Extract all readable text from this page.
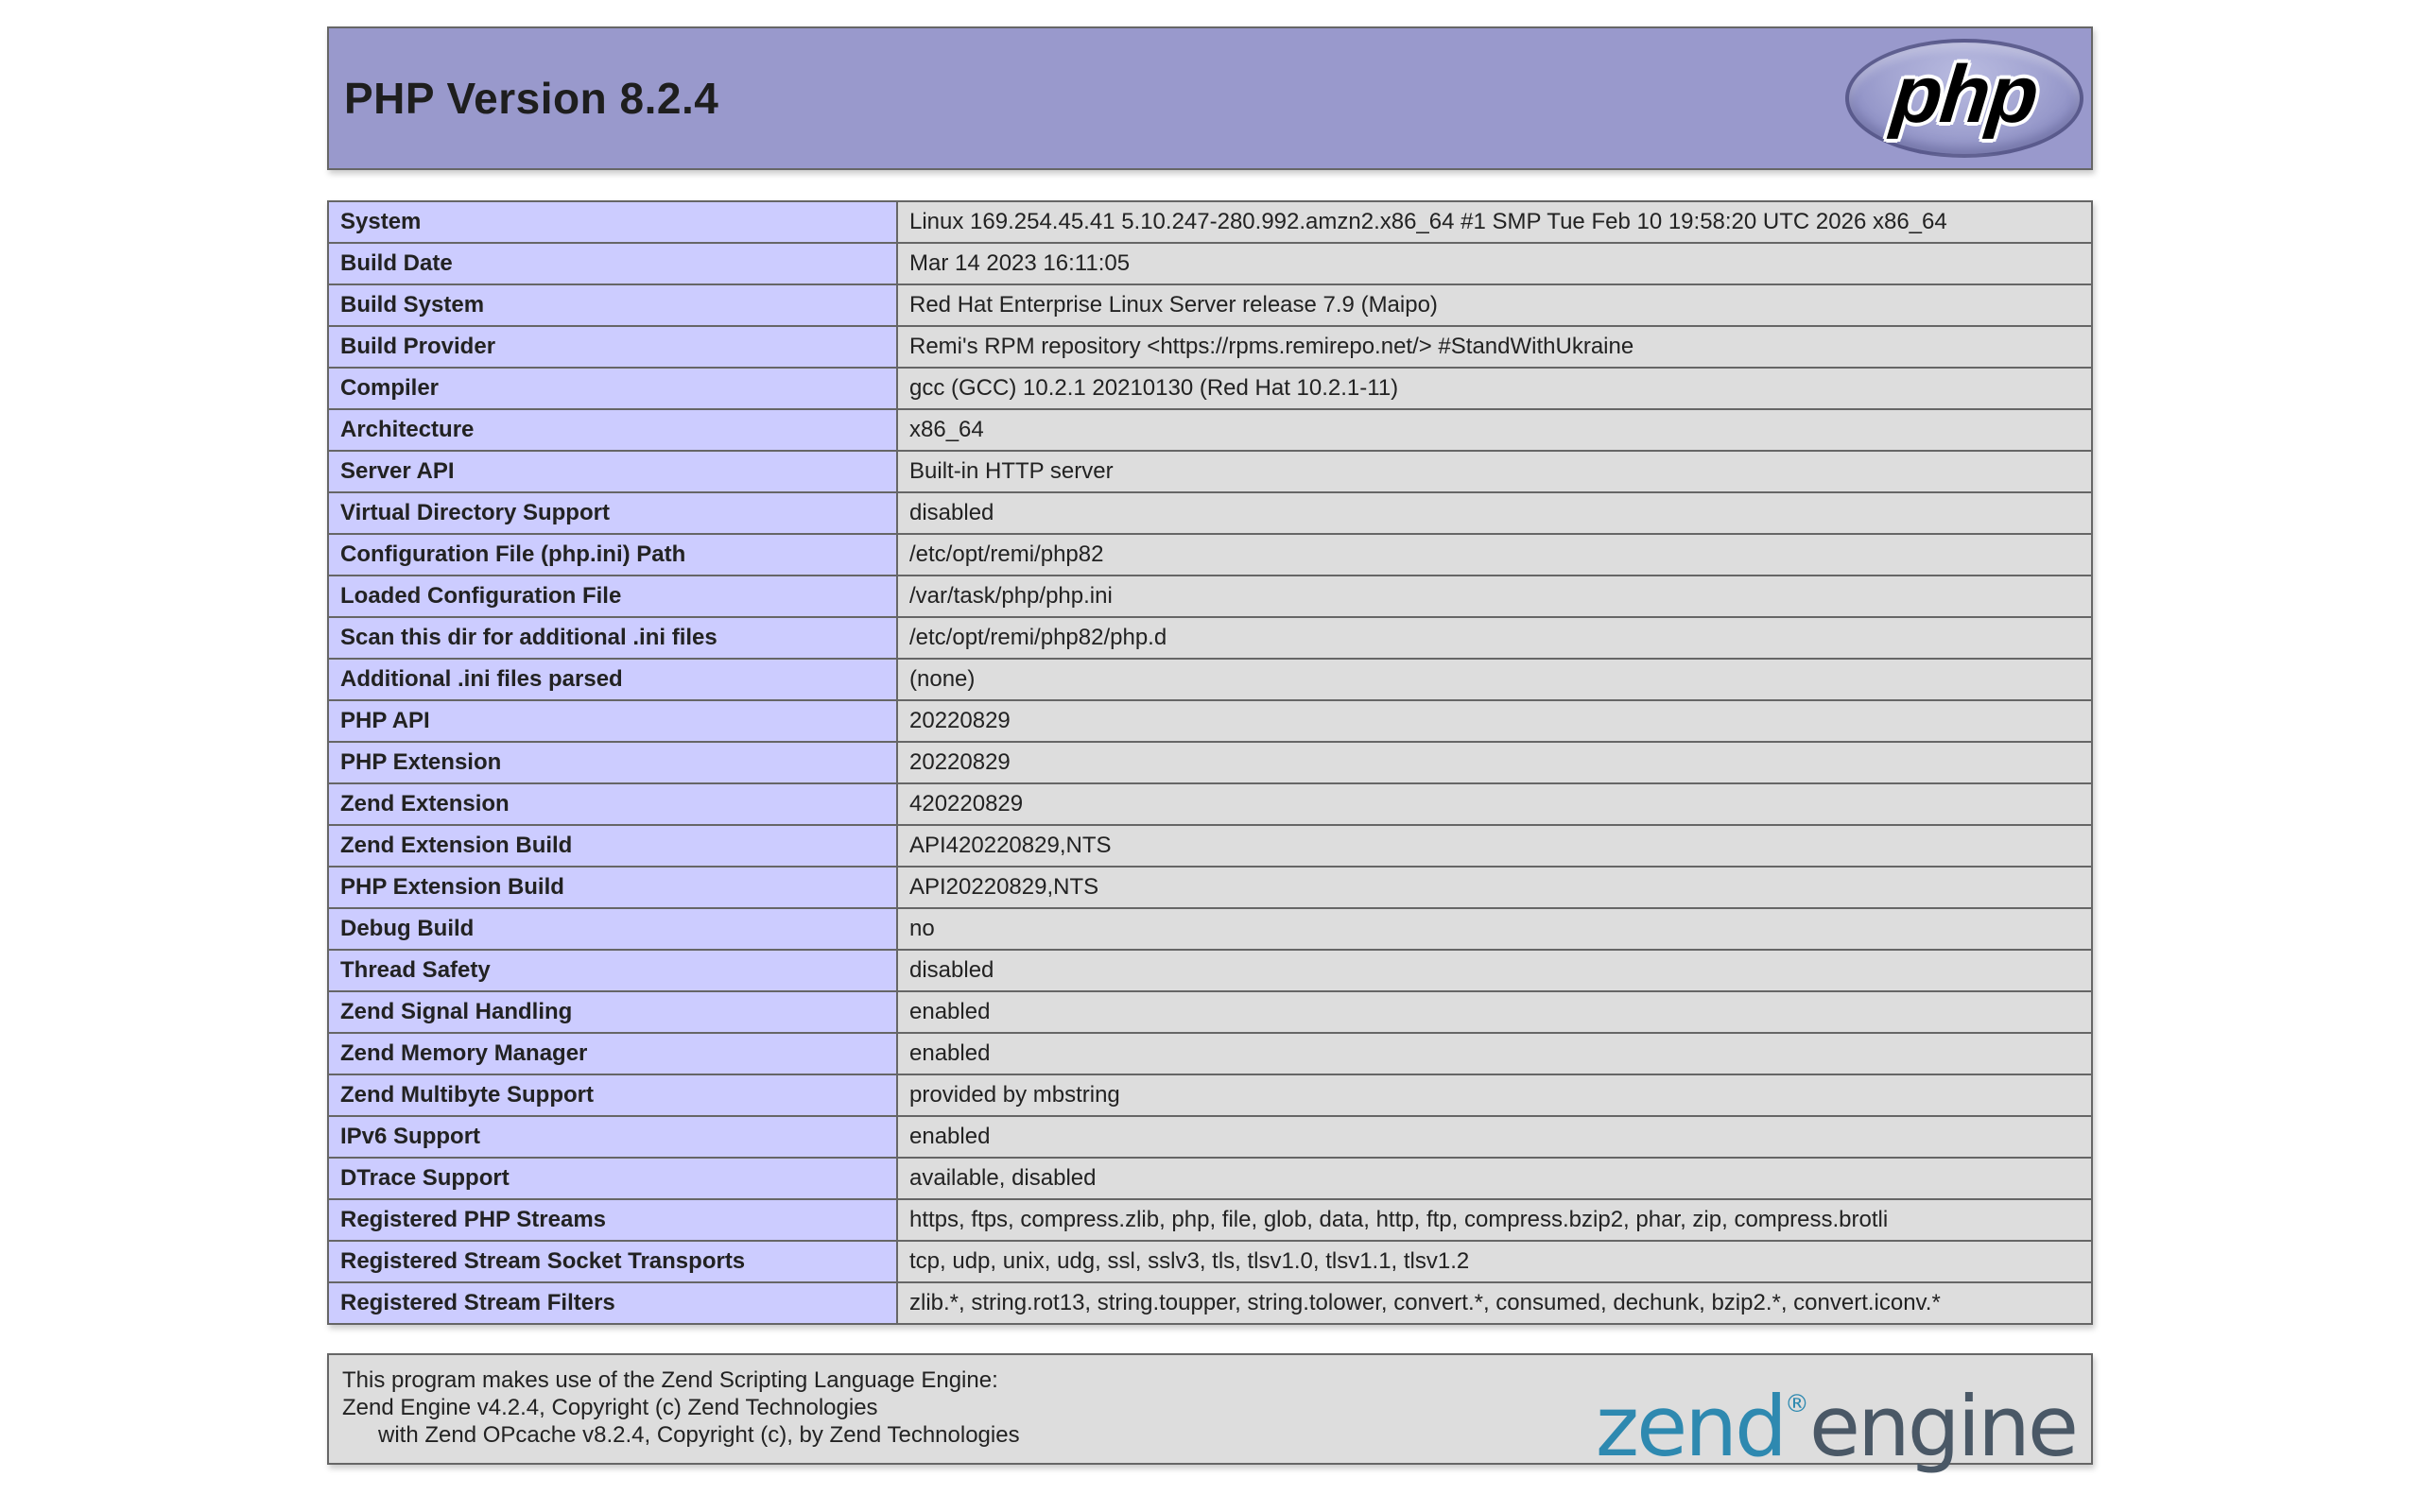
PHP Version 8.2.4	php
System	Linux 169.254.45.41 5.10.247-280.992.amzn2.x86_64 #1 SMP Tue Feb 10 19:58:20 UTC 2026 x86_64
Build Date	Mar 14 2023 16:11:05
Build System	Red Hat Enterprise Linux Server release 7.9 (Maipo)
Build Provider	Remi's RPM repository <https://rpms.remirepo.net/> #StandWithUkraine
Compiler	gcc (GCC) 10.2.1 20210130 (Red Hat 10.2.1-11)
Architecture	x86_64
Server API	Built-in HTTP server
Virtual Directory Support	disabled
Configuration File (php.ini) Path	/etc/opt/remi/php82
Loaded Configuration File	/var/task/php/php.ini
Scan this dir for additional .ini files	/etc/opt/remi/php82/php.d
Additional .ini files parsed	(none)
PHP API	20220829
PHP Extension	20220829
Zend Extension	420220829
Zend Extension Build	API420220829,NTS
PHP Extension Build	API20220829,NTS
Debug Build	no
Thread Safety	disabled
Zend Signal Handling	enabled
Zend Memory Manager	enabled
Zend Multibyte Support	provided by mbstring
IPv6 Support	enabled
DTrace Support	available, disabled
Registered PHP Streams	https, ftps, compress.zlib, php, file, glob, data, http, ftp, compress.bzip2, phar, zip, compress.brotli
Registered Stream Socket Transports	tcp, udp, unix, udg, ssl, sslv3, tls, tlsv1.0, tlsv1.1, tlsv1.2
Registered Stream Filters	zlib.*, string.rot13, string.toupper, string.tolower, convert.*, consumed, dechunk, bzip2.*, convert.iconv.*
This program makes use of the Zend Scripting Language Engine:
Zend Engine v4.2.4, Copyright (c) Zend Technologies
with Zend OPcache v8.2.4, Copyright (c), by Zend Technologies	zend®engine
